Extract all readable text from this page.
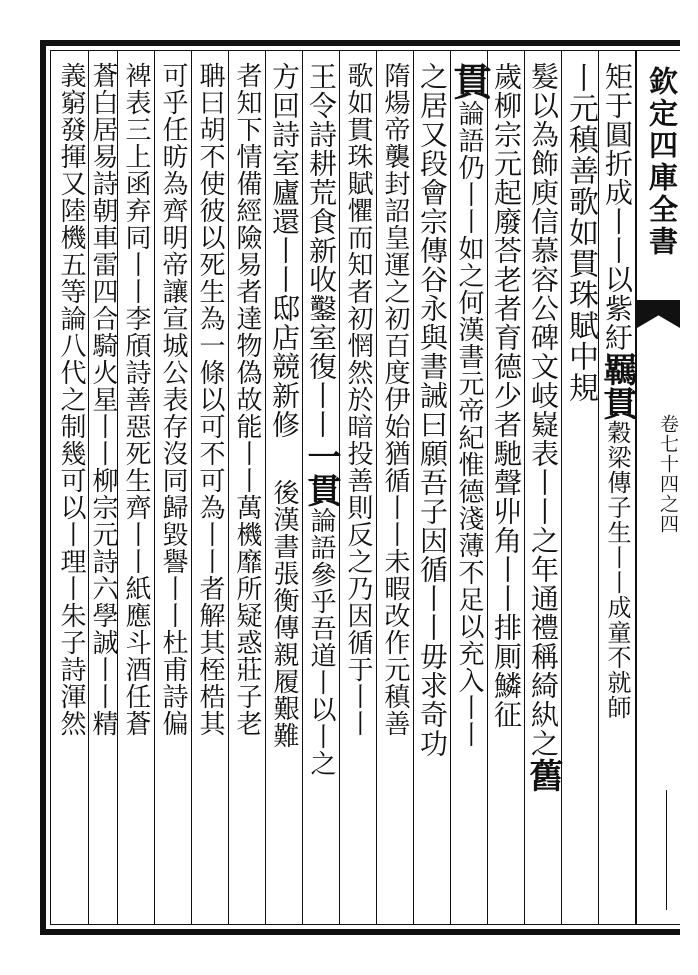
欽定四庫全書
卷七十四之四
矩于圓折成丨丨以紫紆羈貫穀梁傳子生丨丨成童不就師
丨元稹善歌如貫珠賦中規
髮以為飾庾信慕容公碑文岐嶷表丨丨之年通禮稱綺紈之舊
歲柳宗元起廢荅老者育德少者馳聲丱角丨丨排厠鱗征
貫論語仍丨丨如之何漢書元帝紀惟德淺薄不足以充入丨丨
之居又段會宗傳谷永與書誡曰願吾子因循丨丨毋求奇功
隋煬帝襲封詔皇運之初百度伊始猶循丨丨未暇改作元稹善
歌如貫珠賦懼而知者初惘然於暗投善則反之乃因循于丨丨
王令詩耕荒食新收鑿室復丨丨一貫論語參乎吾道丨以丨之
方回詩室廬還丨丨邸店競新修後漢書張衡傳親履艱難
者知下情備經險易者達物偽故能丨丨萬機靡所疑惑莊子老
聃曰胡不使彼以死生為一條以可不可為丨丨者解其桎梏其
可乎任昉為齊明帝讓宣城公表存沒同歸毀譽丨丨杜甫詩偏
裨表三上函弃同丨丨李頎詩善惡死生齊丨丨紙應斗酒任蒼
蒼白居易詩朝車雷四合騎火星丨丨柳宗元詩六學誠丨丨精
義窮發揮又陸機五等論八代之制幾可以丨理丨朱子詩渾然
